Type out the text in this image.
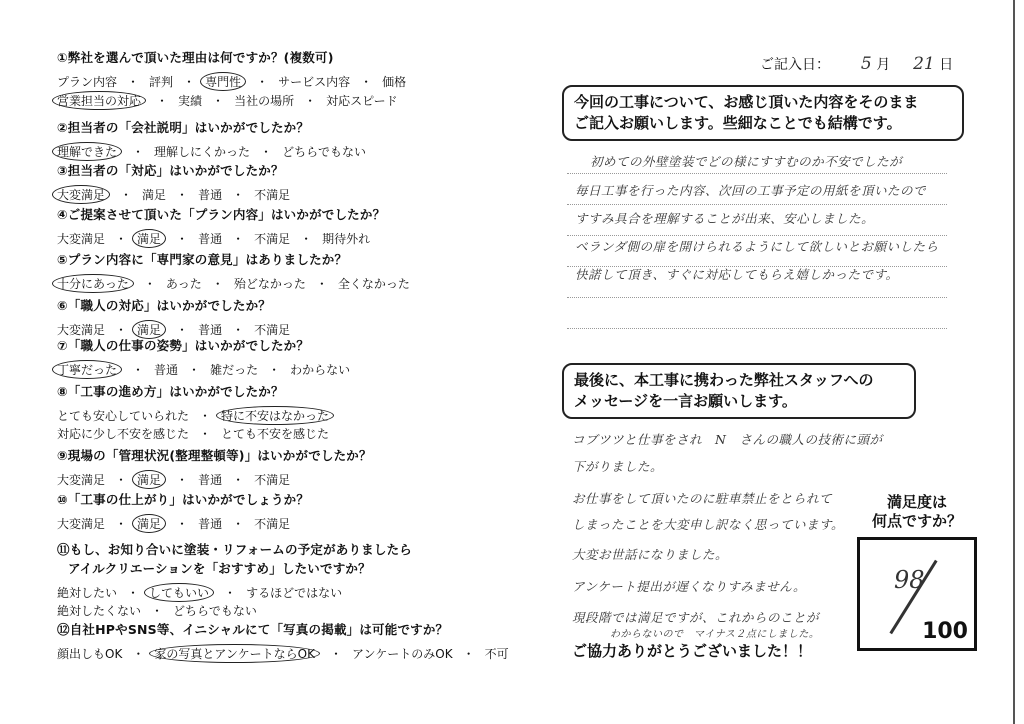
①弊社を選んで頂いた理由は何ですか？(複数可)
プラン内容 ・ 評判 ・ 専門性 ・ サービス内容 ・ 価格
営業担当の対応 ・ 実績 ・ 当社の場所 ・ 対応スピード
②担当者の「会社説明」はいかがでしたか？
理解できた ・ 理解しにくかった ・ どちらでもない
③担当者の「対応」はいかがでしたか？
大変満足 ・ 満足 ・ 普通 ・ 不満足
④ご提案させて頂いた「プラン内容」はいかがでしたか？
大変満足 ・ 満足 ・ 普通 ・ 不満足 ・ 期待外れ
⑤プラン内容に「専門家の意見」はありましたか？
十分にあった ・ あった ・ 殆どなかった ・ 全くなかった
⑥「職人の対応」はいかがでしたか？
大変満足 ・ 満足 ・ 普通 ・ 不満足
⑦「職人の仕事の姿勢」はいかがでしたか？
丁寧だった ・ 普通 ・ 雑だった ・ わからない
⑧「工事の進め方」はいかがでしたか？
とても安心していられた ・ 特に不安はなかった
対応に少し不安を感じた ・ とても不安を感じた
⑨現場の「管理状況(整理整頓等)」はいかがでしたか？
大変満足 ・ 満足 ・ 普通 ・ 不満足
⑩「工事の仕上がり」はいかがでしょうか？
大変満足 ・ 満足 ・ 普通 ・ 不満足
⑪もし、お知り合いに塗装・リフォームの予定がありましたら
アイルクリエーションを「おすすめ」したいですか？
絶対したい ・ してもいい ・ するほどではない
絶対したくない ・ どちらでもない
⑫自社HPやSNS等、イニシャルにて「写真の掲載」は可能ですか？
顔出しもOK ・ 家の写真とアンケートならOK ・ アンケートのみOK ・ 不可
ご記入日： 5 月 21 日
今回の工事について、お感じ頂いた内容をそのまま
ご記入お願いします。些細なことでも結構です。
初めての外壁塗装でどの様にすすむのか不安でしたが
毎日工事を行った内容、次回の工事予定の用紙を頂いたので
すすみ具合を理解することが出来、安心しました。
ベランダ側の扉を開けられるようにして欲しいとお願いしたら
快諾して頂き、すぐに対応してもらえ嬉しかったです。
最後に、本工事に携わった弊社スタッフへの
メッセージを一言お願いします。
コブツツと仕事をされ　N　さんの職人の技術に頭が
下がりました。
お仕事をして頂いたのに駐車禁止をとられて
しまったことを大変申し訳なく思っています。
大変お世話になりました。
アンケート提出が遅くなりすみません。
現段階では満足ですが、これからのことが
わからないので　マイナス２点にしました。
満足度は
何点ですか？
98
100
ご協力ありがとうございました！！
